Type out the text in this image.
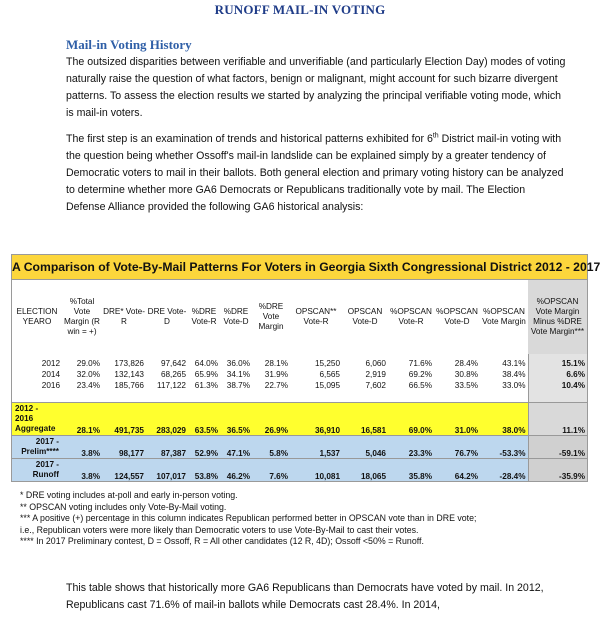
RUNOFF MAIL-IN VOTING
Mail-in Voting History
The outsized disparities between verifiable and unverifiable (and particularly Election Day) modes of voting naturally raise the question of what factors, benign or malignant, might account for such bizarre divergent patterns. To assess the election results we started by analyzing the principal verifiable voting mode, which is mail-in voters.
The first step is an examination of trends and historical patterns exhibited for 6th District mail-in voting with the question being whether Ossoff's mail-in landslide can be explained simply by a greater tendency of Democratic voters to mail in their ballots. Both general election and primary voting history can be analyzed to determine whether more GA6 Democrats or Republicans traditionally vote by mail. The Election Defense Alliance provided the following GA6 historical analysis:
A Comparison of Vote-By-Mail Patterns For Voters in Georgia Sixth Congressional District 2012 - 2017
ELECTION YEARO	%Total Vote Margin (R win = +)	DRE* Vote-R	DRE Vote-D	%DRE Vote-R	%DRE Vote-D	%DRE Vote Margin	OPSCAN** Vote-R	OPSCAN Vote-D	%OPSCAN Vote-R	%OPSCAN Vote-D	%OPSCAN Vote Margin	%OPSCAN Vote Margin Minus %DRE Vote Margin***
2012	29.0%	173,826	97,642	64.0%	36.0%	28.1%	15,250	6,060	71.6%	28.4%	43.1%	15.1%
2014	32.0%	132,143	68,265	65.9%	34.1%	31.9%	6,565	2,919	69.2%	30.8%	38.4%	6.6%
2016	23.4%	185,766	117,122	61.3%	38.7%	22.7%	15,095	7,602	66.5%	33.5%	33.0%	10.4%

2012 -
2016
Aggregate	28.1%	491,735	283,029	63.5%	36.5%	26.9%	36,910	16,581	69.0%	31.0%	38.0%	11.1%

2017 -
Prelim****	3.8%	98,177	87,387	52.9%	47.1%	5.8%	1,537	5,046	23.3%	76.7%	-53.3%	-59.1%

2017 -
Runoff	3.8%	124,557	107,017	53.8%	46.2%	7.6%	10,081	18,065	35.8%	64.2%	-28.4%	-35.9%
* DRE voting includes at-poll and early in-person voting.
** OPSCAN voting includes only Vote-By-Mail voting.
*** A positive (+) percentage in this column indicates Republican performed better in OPSCAN vote than in DRE vote;
i.e., Republican voters were more likely than Democratic voters to use Vote-By-Mail to cast their votes.
**** In 2017 Preliminary contest, D = Ossoff, R = All other candidates (12 R, 4D); Ossoff <50% = Runoff.
This table shows that historically more GA6 Republicans than Democrats have voted by mail. In 2012, Republicans cast 71.6% of mail-in ballots while Democrats cast 28.4%. In 2014,
